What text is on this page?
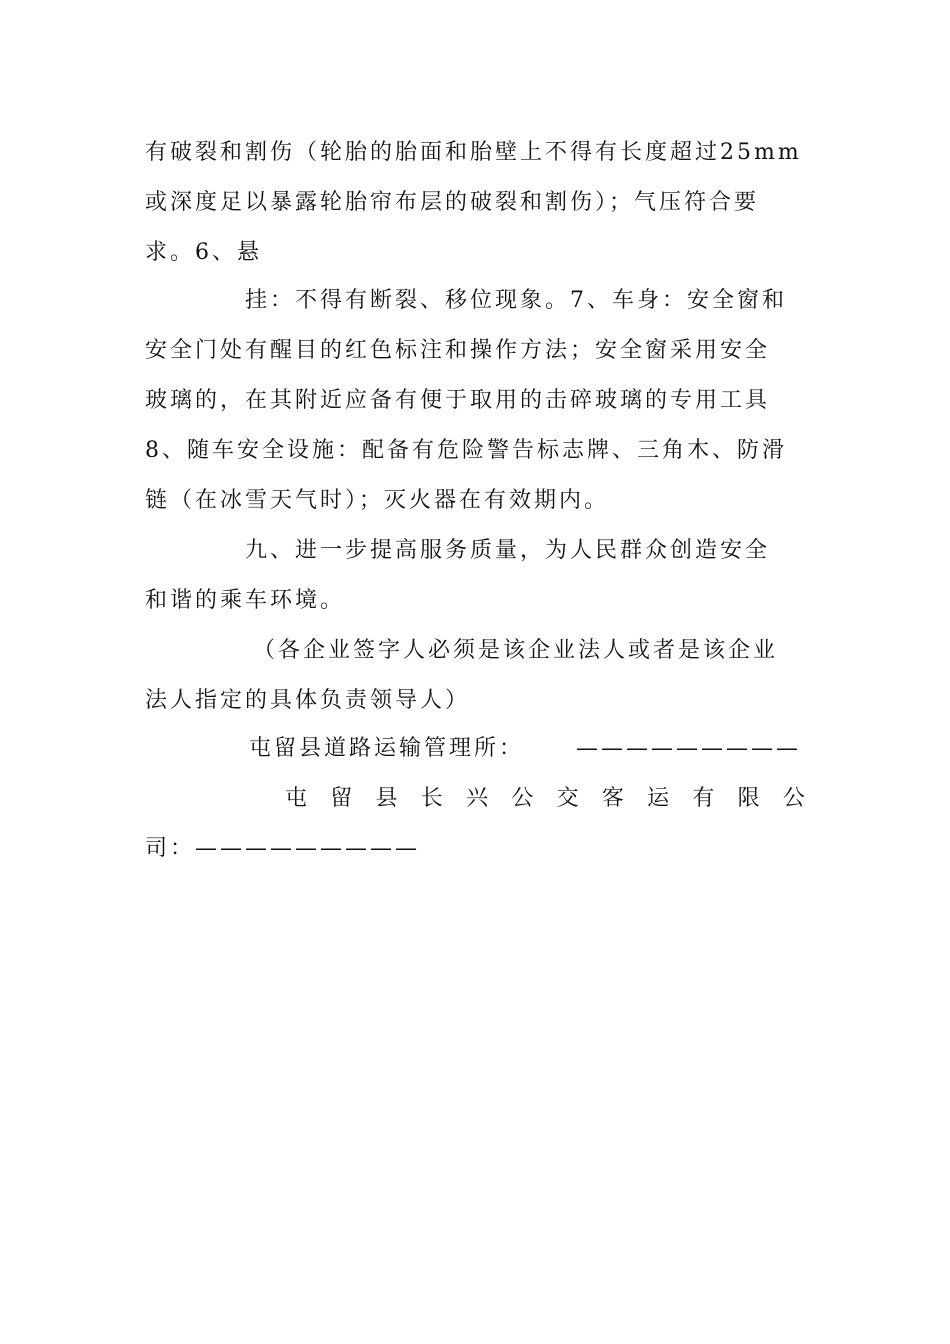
有破裂和割伤（轮胎的胎面和胎壁上不得有长度超过25mm
或深度足以暴露轮胎帘布层的破裂和割伤）；气压符合要
求。6、悬
挂：不得有断裂、移位现象。7、车身：安全窗和
安全门处有醒目的红色标注和操作方法；安全窗采用安全
玻璃的，在其附近应备有便于取用的击碎玻璃的专用工具
8、随车安全设施：配备有危险警告标志牌、三角木、防滑
链（在冰雪天气时）；灭火器在有效期内。
九、进一步提高服务质量，为人民群众创造安全
和谐的乘车环境。
（各企业签字人必须是该企业法人或者是该企业
法人指定的具体负责领导人）
屯留县道路运输管理所： —————————
屯 留 县 长 兴 公 交 客 运 有 限 公
司：—————————
